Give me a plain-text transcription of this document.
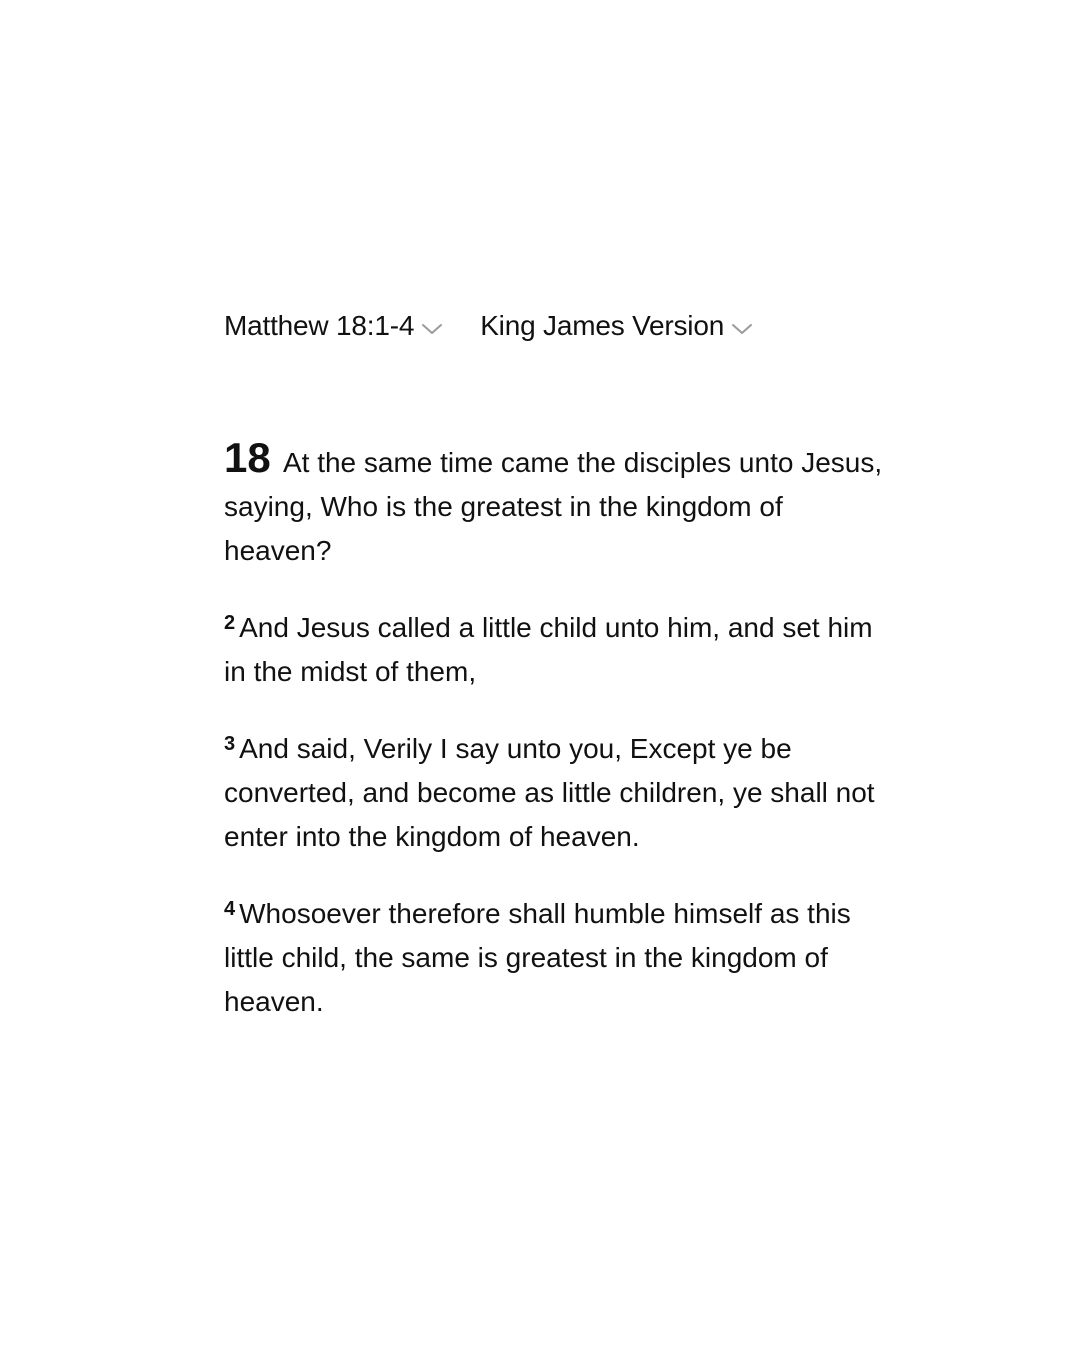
Matthew 18:1-4 King James Version

18 At the same time came the disciples unto Jesus, saying, Who is the greatest in the kingdom of heaven?

$^2$ And Jesus called a little child unto him, and set him in the midst of them,

$^3$ And said, Verily I say unto you, Except ye be converted, and become as little children, ye shall not enter into the kingdom of heaven.

$^4$ Whosoever therefore shall humble himself as this little child, the same is greatest in the kingdom of heaven.
